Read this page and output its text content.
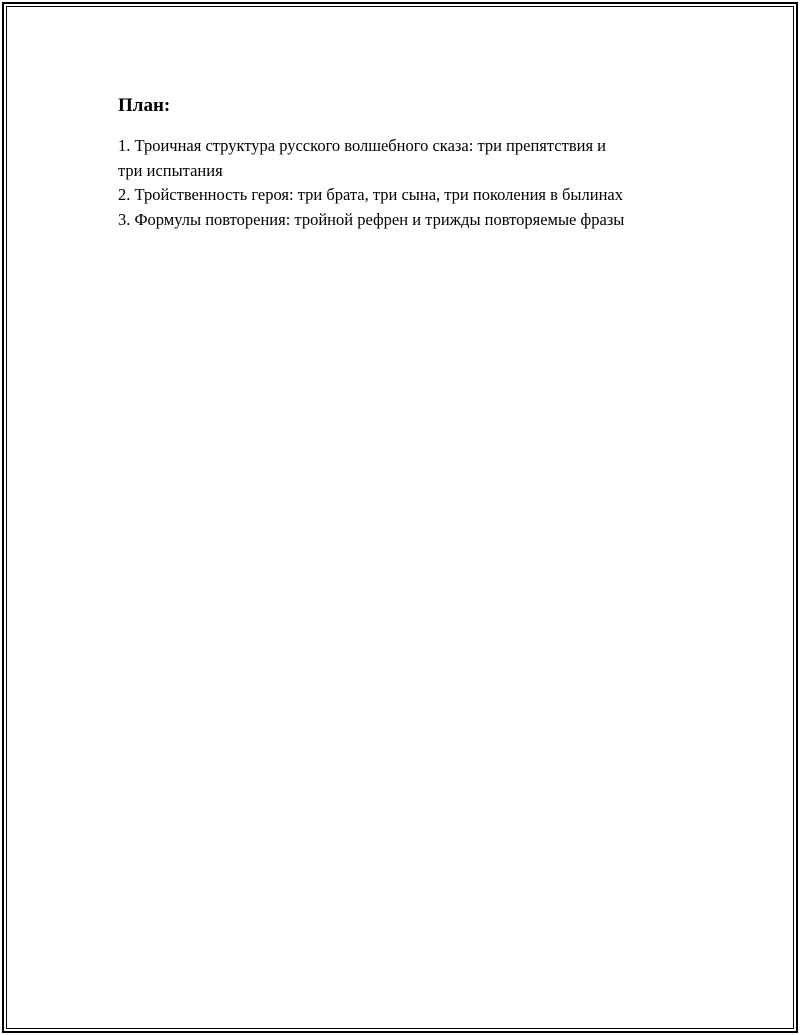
План:
1. Троичная структура русского волшебного сказа: три препятствия и
три испытания
2. Тройственность героя: три брата, три сына, три поколения в былинах
3. Формулы повторения: тройной рефрен и трижды повторяемые фразы
